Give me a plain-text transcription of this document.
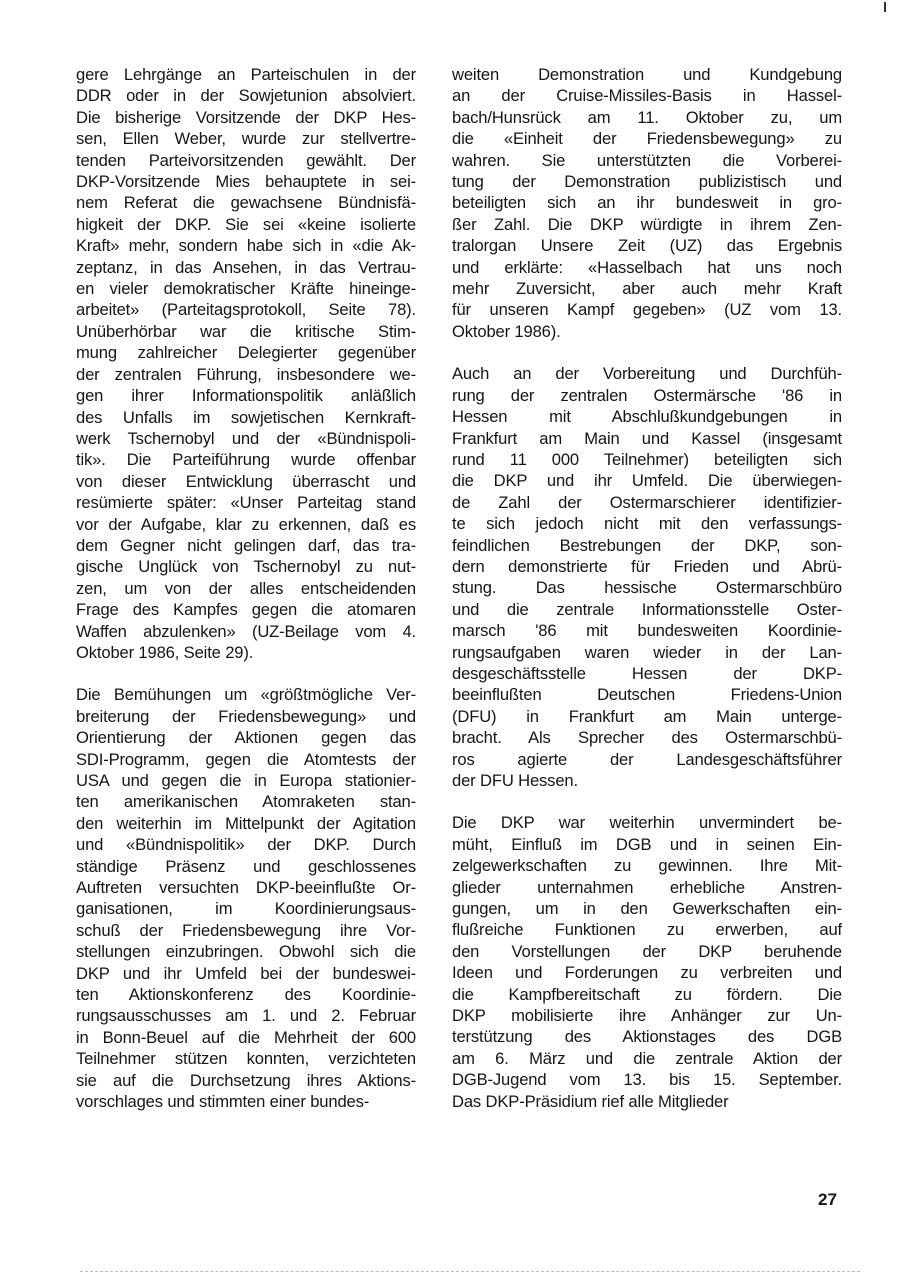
gere Lehrgänge an Parteischulen in der
DDR oder in der Sowjetunion absolviert.
Die bisherige Vorsitzende der DKP Hes-
sen, Ellen Weber, wurde zur stellvertre-
tenden Parteivorsitzenden gewählt. Der
DKP-Vorsitzende Mies behauptete in sei-
nem Referat die gewachsene Bündnisfä-
higkeit der DKP. Sie sei «keine isolierte
Kraft» mehr, sondern habe sich in «die Ak-
zeptanz, in das Ansehen, in das Vertrau-
en vieler demokratischer Kräfte hineinge-
arbeitet» (Parteitagsprotokoll, Seite 78).
Unüberhörbar war die kritische Stim-
mung zahlreicher Delegierter gegenüber
der zentralen Führung, insbesondere we-
gen ihrer Informationspolitik anläßlich
des Unfalls im sowjetischen Kernkraft-
werk Tschernobyl und der «Bündnispoli-
tik». Die Parteiführung wurde offenbar
von dieser Entwicklung überrascht und
resümierte später: «Unser Parteitag stand
vor der Aufgabe, klar zu erkennen, daß es
dem Gegner nicht gelingen darf, das tra-
gische Unglück von Tschernobyl zu nut-
zen, um von der alles entscheidenden
Frage des Kampfes gegen die atomaren
Waffen abzulenken» (UZ-Beilage vom 4.
Oktober 1986, Seite 29).
Die Bemühungen um «größtmögliche Ver-
breiterung der Friedensbewegung» und
Orientierung der Aktionen gegen das
SDI-Programm, gegen die Atomtests der
USA und gegen die in Europa stationier-
ten amerikanischen Atomraketen stan-
den weiterhin im Mittelpunkt der Agitation
und «Bündnispolitik» der DKP. Durch
ständige Präsenz und geschlossenes
Auftreten versuchten DKP-beeinflußte Or-
ganisationen, im Koordinierungsaus-
schuß der Friedensbewegung ihre Vor-
stellungen einzubringen. Obwohl sich die
DKP und ihr Umfeld bei der bundeswei-
ten Aktionskonferenz des Koordinie-
rungsausschusses am 1. und 2. Februar
in Bonn-Beuel auf die Mehrheit der 600
Teilnehmer stützen konnten, verzichteten
sie auf die Durchsetzung ihres Aktions-
vorschlages und stimmten einer bundes-
weiten Demonstration und Kundgebung
an der Cruise-Missiles-Basis in Hassel-
bach/Hunsrück am 11. Oktober zu, um
die «Einheit der Friedensbewegung» zu
wahren. Sie unterstützten die Vorberei-
tung der Demonstration publizistisch und
beteiligten sich an ihr bundesweit in gro-
ßer Zahl. Die DKP würdigte in ihrem Zen-
tralorgan Unsere Zeit (UZ) das Ergebnis
und erklärte: «Hasselbach hat uns noch
mehr Zuversicht, aber auch mehr Kraft
für unseren Kampf gegeben» (UZ vom 13.
Oktober 1986).
Auch an der Vorbereitung und Durchfüh-
rung der zentralen Ostermärsche '86 in
Hessen mit Abschlußkundgebungen in
Frankfurt am Main und Kassel (insgesamt
rund 11 000 Teilnehmer) beteiligten sich
die DKP und ihr Umfeld. Die überwiegen-
de Zahl der Ostermarschierer identifizier-
te sich jedoch nicht mit den verfassungs-
feindlichen Bestrebungen der DKP, son-
dern demonstrierte für Frieden und Abrü-
stung. Das hessische Ostermarschbüro
und die zentrale Informationsstelle Oster-
marsch '86 mit bundesweiten Koordinie-
rungsaufgaben waren wieder in der Lan-
desgeschäftsstelle Hessen der DKP-
beeinflußten Deutschen Friedens-Union
(DFU) in Frankfurt am Main unterge-
bracht. Als Sprecher des Ostermarschbü-
ros agierte der Landesgeschäftsführer
der DFU Hessen.
Die DKP war weiterhin unvermindert be-
müht, Einfluß im DGB und in seinen Ein-
zelgewerkschaften zu gewinnen. Ihre Mit-
glieder unternahmen erhebliche Anstren-
gungen, um in den Gewerkschaften ein-
flußreiche Funktionen zu erwerben, auf
den Vorstellungen der DKP beruhende
Ideen und Forderungen zu verbreiten und
die Kampfbereitschaft zu fördern. Die
DKP mobilisierte ihre Anhänger zur Un-
terstützung des Aktionstages des DGB
am 6. März und die zentrale Aktion der
DGB-Jugend vom 13. bis 15. September.
Das DKP-Präsidium rief alle Mitglieder
27
